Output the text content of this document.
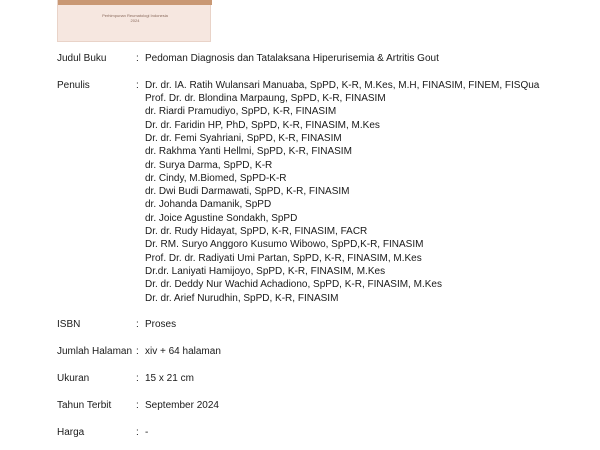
Perhimpunan Reumatologi Indonesia
2024
Judul Buku	: Pedoman Diagnosis dan Tatalaksana Hiperurisemia & Artritis Gout
Penulis	: Dr. dr. IA. Ratih Wulansari Manuaba, SpPD, K-R, M.Kes, M.H, FINASIM, FINEM, FISQua
Prof. Dr. dr. Blondina Marpaung, SpPD, K-R, FINASIM
dr. Riardi Pramudiyo, SpPD, K-R, FINASIM
Dr. dr. Faridin HP, PhD, SpPD, K-R, FINASIM, M.Kes
Dr. dr. Femi Syahriani, SpPD, K-R, FINASIM
dr. Rakhma Yanti Hellmi, SpPD, K-R, FINASIM
dr. Surya Darma, SpPD, K-R
dr. Cindy, M.Biomed, SpPD-K-R
dr. Dwi Budi Darmawati, SpPD, K-R, FINASIM
dr. Johanda Damanik, SpPD
dr. Joice Agustine Sondakh, SpPD
Dr. dr. Rudy Hidayat, SpPD, K-R, FINASIM, FACR
Dr. RM. Suryo Anggoro Kusumo Wibowo, SpPD,K-R, FINASIM
Prof. Dr. dr. Radiyati Umi Partan, SpPD, K-R, FINASIM, M.Kes
Dr.dr. Laniyati Hamijoyo, SpPD, K-R, FINASIM, M.Kes
Dr. dr. Deddy Nur Wachid Achadiono, SpPD, K-R, FINASIM, M.Kes
Dr. dr. Arief Nurudhin, SpPD, K-R, FINASIM
ISBN	: Proses
Jumlah Halaman : xiv + 64 halaman
Ukuran	: 15 x 21 cm
Tahun Terbit	: September 2024
Harga	: -
